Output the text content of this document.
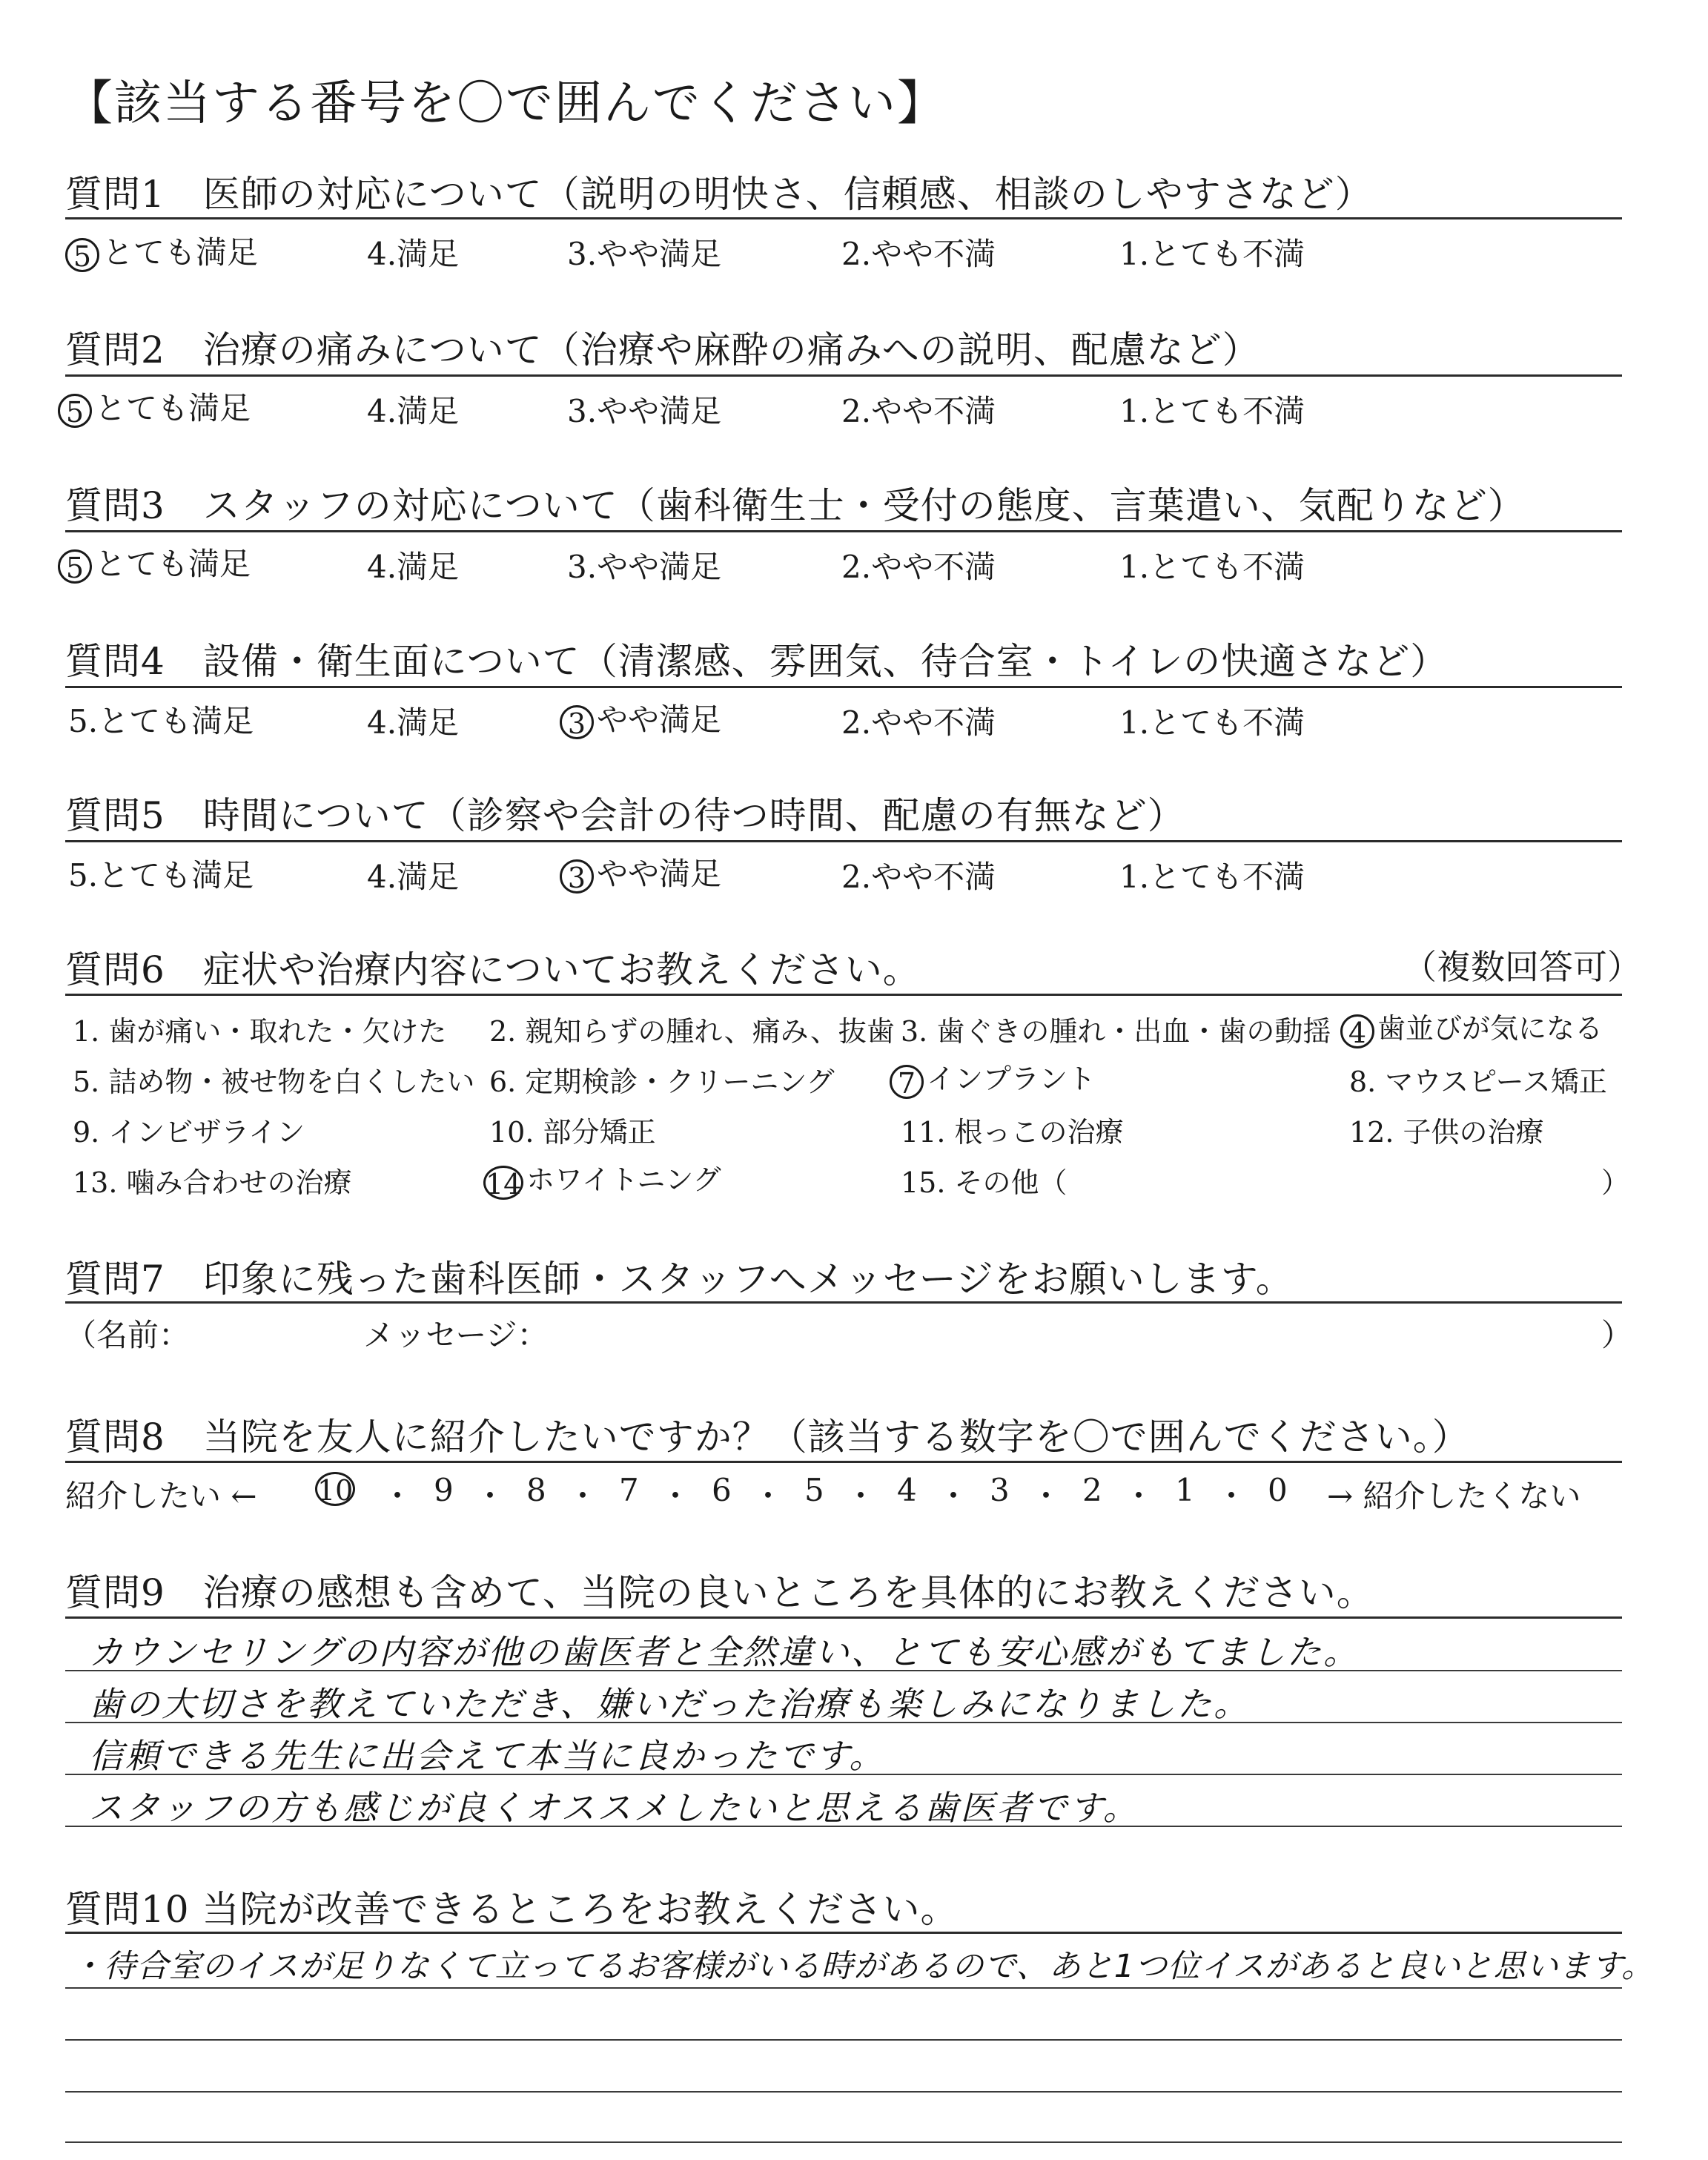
【該当する番号を〇で囲んでください】
質問1　医師の対応について（説明の明快さ、信頼感、相談のしやすさなど）
5 とても満足	4.満足	3.やや満足	2.やや不満	1.とても不満
質問2　治療の痛みについて（治療や麻酔の痛みへの説明、配慮など）
5 とても満足	4.満足	3.やや満足	2.やや不満	1.とても不満
質問3　スタッフの対応について（歯科衛生士・受付の態度、言葉遣い、気配りなど）
5 とても満足	4.満足	3.やや満足	2.やや不満	1.とても不満
質問4　設備・衛生面について（清潔感、雰囲気、待合室・トイレの快適さなど）
5.とても満足	4.満足	3 やや満足	2.やや不満	1.とても不満
質問5　時間について（診察や会計の待つ時間、配慮の有無など）
5.とても満足	4.満足	3 やや満足	2.やや不満	1.とても不満
質問6　症状や治療内容についてお教えください。	（複数回答可）
1. 歯が痛い・取れた・欠けた 2. 親知らずの腫れ、痛み、抜歯 3. 歯ぐきの腫れ・出血・歯の動揺 4 歯並びが気になる
5. 詰め物・被せ物を白くしたい 6. 定期検診・クリーニング 7 インプラント	8. マウスピース矯正
9. インビザライン	10. 部分矯正	11. 根っこの治療	12. 子供の治療
13. 噛み合わせの治療	14 ホワイトニング	15. その他（	）
質問7　印象に残った歯科医師・スタッフへメッセージをお願いします。
（名前：	メッセージ：	）
質問8　当院を友人に紹介したいですか？（該当する数字を〇で囲んでください。）
紹介したい ← 10 ・ 9 ・ 8 ・ 7 ・ 6 ・ 5 ・ 4 ・ 3 ・ 2 ・ 1 ・ 0 → 紹介したくない
質問9　治療の感想も含めて、当院の良いところを具体的にお教えください。
カウンセリングの内容が他の歯医者と全然違い、とても安心感がもてました。
歯の大切さを教えていただき、嫌いだった治療も楽しみになりました。
信頼できる先生に出会えて本当に良かったです。
スタッフの方も感じが良くオススメしたいと思える歯医者です。
質問10 当院が改善できるところをお教えください。
・待合室のイスが足りなくて立ってるお客様がいる時があるので、あと1つ位イスがあると良いと思います。
